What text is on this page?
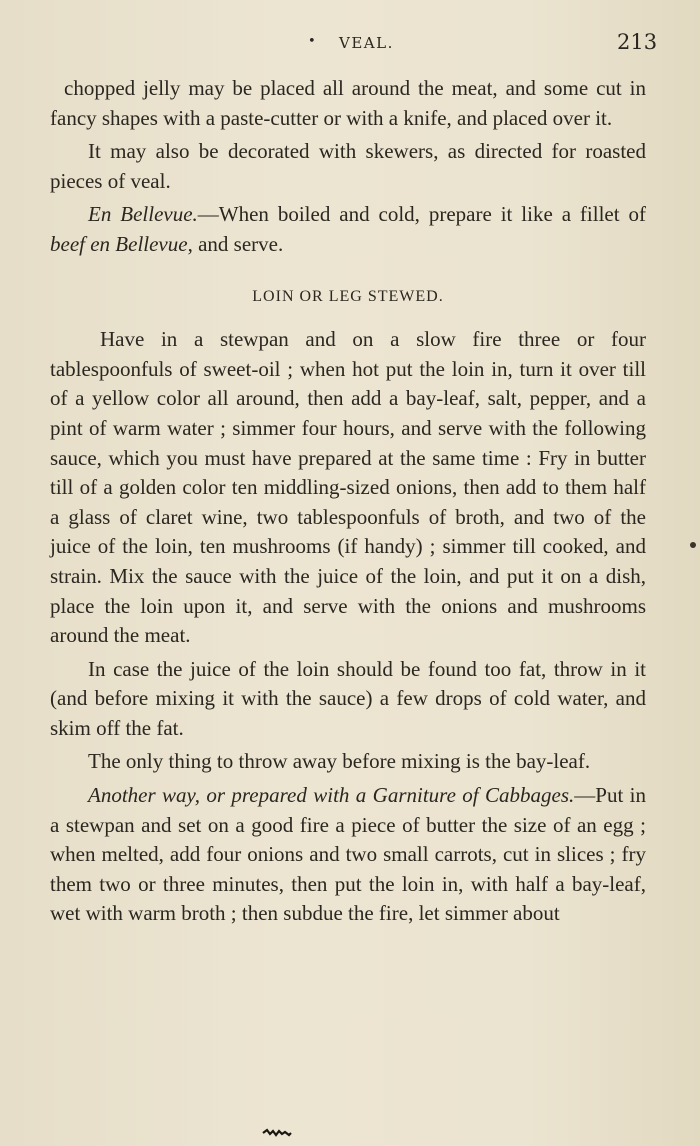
• VEAL.	213

chopped jelly may be placed all around the meat, and some cut in fancy shapes with a paste-cutter or with a knife, and placed over it.

It may also be decorated with skewers, as directed for roasted pieces of veal.

En Bellevue.—When boiled and cold, prepare it like a fillet of beef en Bellevue, and serve.

LOIN OR LEG STEWED.

Have in a stewpan and on a slow fire three or four tablespoonfuls of sweet-oil ; when hot put the loin in, turn it over till of a yellow color all around, then add a bay-leaf, salt, pepper, and a pint of warm water ; simmer four hours, and serve with the following sauce, which you must have prepared at the same time : Fry in butter till of a golden color ten middling-sized onions, then add to them half a glass of claret wine, two tablespoonfuls of broth, and two of the juice of the loin, ten mushrooms (if handy) ; simmer till cooked, and strain. Mix the sauce with the juice of the loin, and put it on a dish, place the loin upon it, and serve with the onions and mushrooms around the meat.

In case the juice of the loin should be found too fat, throw in it (and before mixing it with the sauce) a few drops of cold water, and skim off the fat.

The only thing to throw away before mixing is the bay-leaf.

Another way, or prepared with a Garniture of Cabbages.—Put in a stewpan and set on a good fire a piece of butter the size of an egg ; when melted, add four onions and two small carrots, cut in slices ; fry them two or three minutes, then put the loin in, with half a bay-leaf, wet with warm broth ; then subdue the fire, let simmer about
